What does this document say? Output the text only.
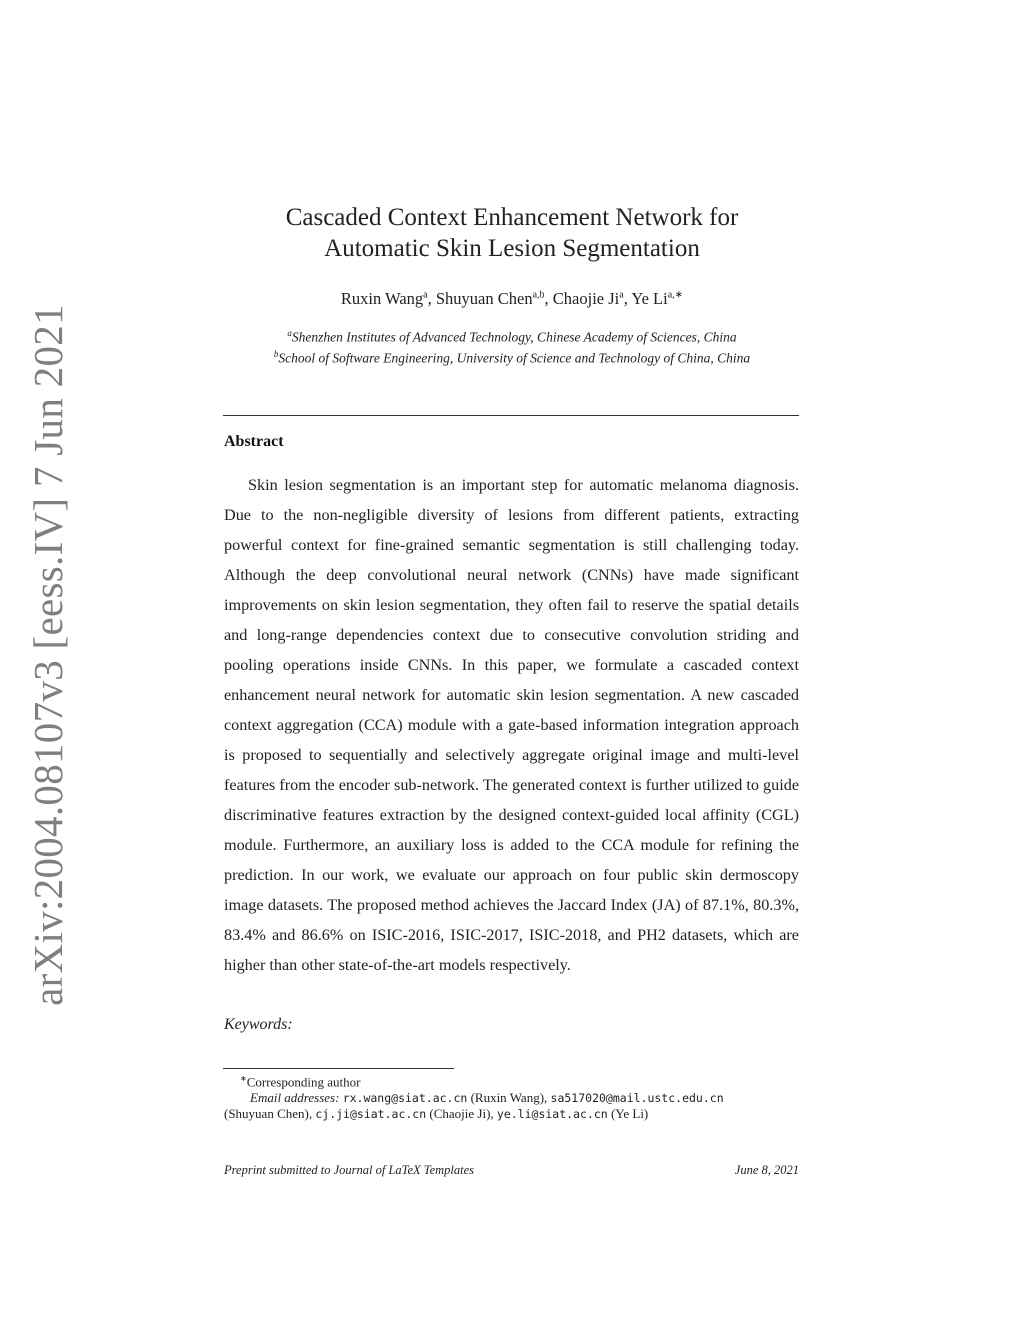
arXiv:2004.08107v3 [eess.IV] 7 Jun 2021
Cascaded Context Enhancement Network for
Automatic Skin Lesion Segmentation
Ruxin Wang$^a$, Shuyuan Chen$^{a,b}$, Chaojie Ji$^a$, Ye $Li^{a,∗}$
$^a$Shenzhen Institutes of Advanced Technology, Chinese Academy of Sciences, China
$^b$School of Software Engineering, University of Science and Technology of China, China
Abstract

Skin lesion segmentation is an important step for automatic melanoma diagnosis. Due to the non-negligible diversity of lesions from different patients, extracting powerful context for fine-grained semantic segmentation is still challenging today. Although the deep convolutional neural network (CNNs) have made significant improvements on skin lesion segmentation, they often fail to reserve the spatial details and long-range dependencies context due to consecutive convolution striding and pooling operations inside CNNs. In this paper, we formulate a cascaded context enhancement neural network for automatic skin lesion segmentation. A new cascaded context aggregation (CCA) module with a gate-based information integration approach is proposed to sequentially and selectively aggregate original image and multi-level features from the encoder sub-network. The generated context is further utilized to guide discriminative features extraction by the designed context-guided local affinity (CGL) module. Furthermore, an auxiliary loss is added to the CCA module for refining the prediction. In our work, we evaluate our approach on four public skin dermoscopy image datasets. The proposed method achieves the Jaccard Index (JA) of 87.1%, 80.3%, 83.4% and 86.6% on ISIC-2016, ISIC-2017, ISIC-2018, and PH2 datasets, which are higher than other state-of-the-art models respectively.

Keywords:
∗Corresponding author
Email addresses: rx.wang@siat.ac.cn (Ruxin Wang), sa517020@mail.ustc.edu.cn
(Shuyuan Chen), cj.ji@siat.ac.cn (Chaojie Ji), ye.li@siat.ac.cn (Ye Li)
Preprint submitted to Journal of LaTeX Templates	June 8, 2021
